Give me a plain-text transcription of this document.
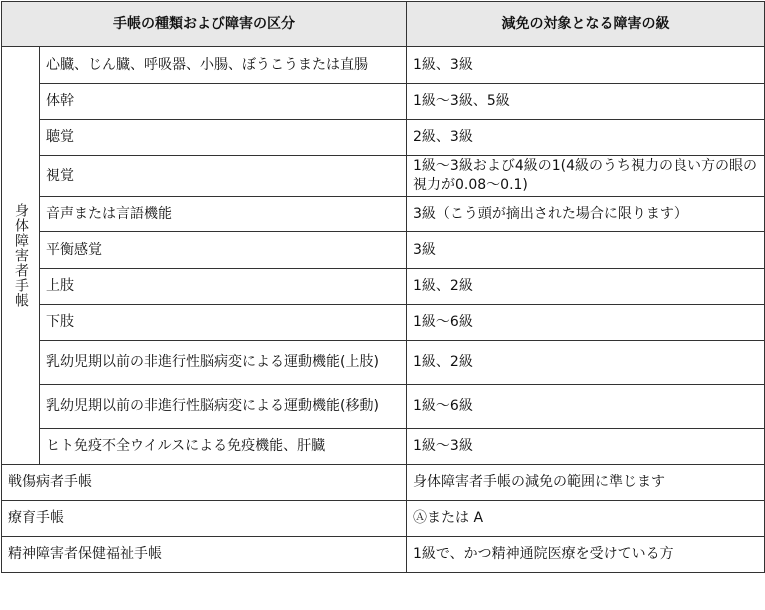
手帳の種類および障害の区分		減免の対象となる障害の級
身体障害者手帳	心臓、じん臓、呼吸器、小腸、ぼうこうまたは直腸	1級、3級
	体幹	1級～3級、5級
	聴覚	2級、3級
	視覚	1級～3級および4級の1(4級のうち視力の良い方の眼の視力が0.08～0.1)
	音声または言語機能	3級（こう頭が摘出された場合に限ります）
	平衡感覚	3級
	上肢	1級、2級
	下肢	1級～6級
	乳幼児期以前の非進行性脳病変による運動機能(上肢)	1級、2級
	乳幼児期以前の非進行性脳病変による運動機能(移動)	1級～6級
	ヒト免疫不全ウイルスによる免疫機能、肝臓	1級～3級
戦傷病者手帳		身体障害者手帳の減免の範囲に準じます
療育手帳		Ⓐまたは A
精神障害者保健福祉手帳		1級で、かつ精神通院医療を受けている方
